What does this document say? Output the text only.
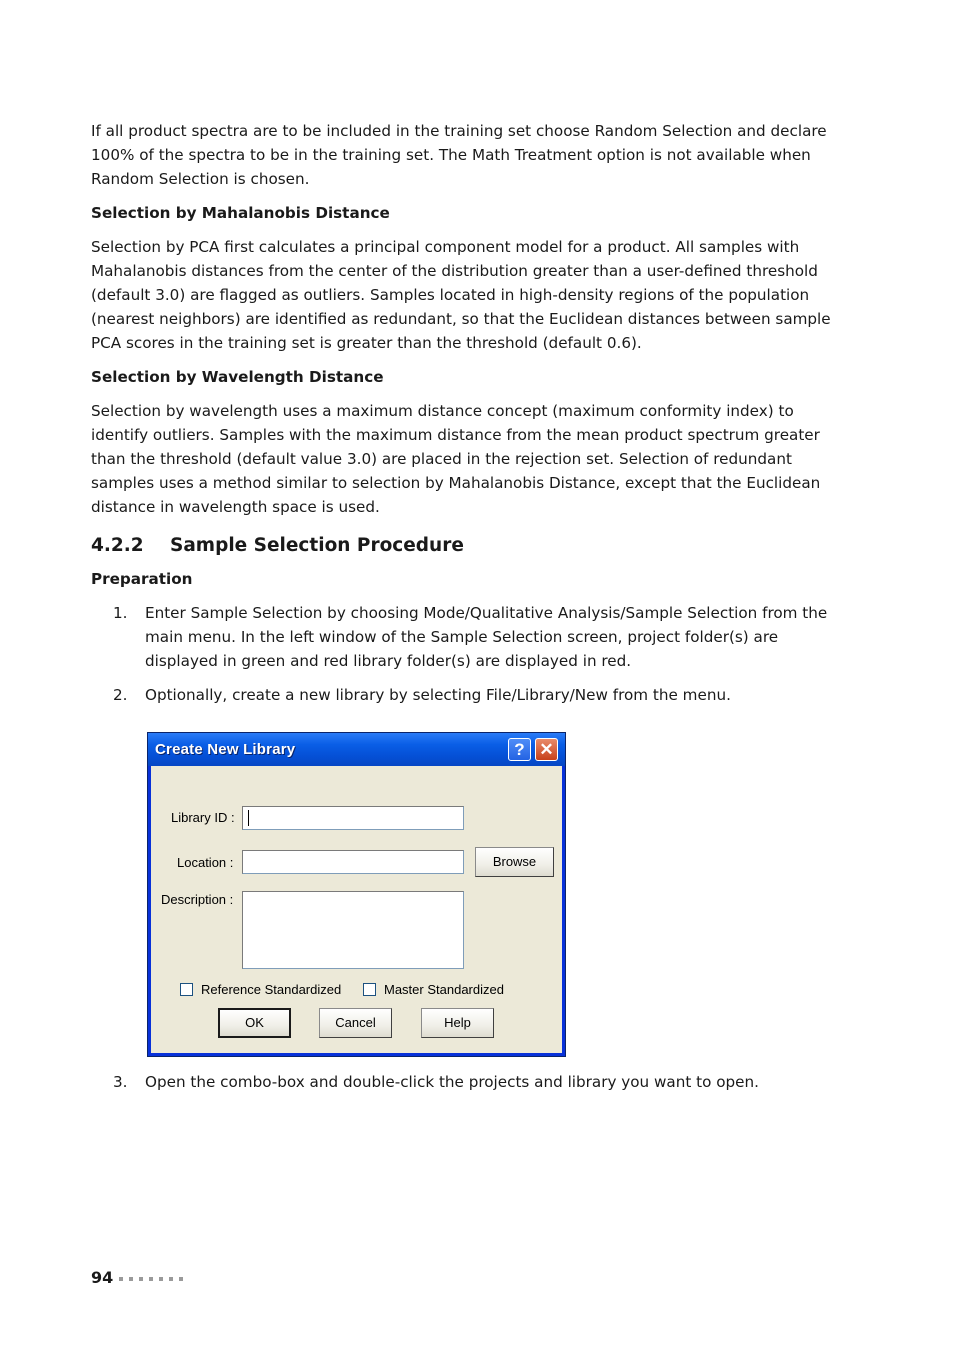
If all product spectra are to be included in the training set choose Random Selection and declare 100% of the spectra to be in the training set. The Math Treatment option is not available when Random Selection is chosen.

Selection by Mahalanobis Distance

Selection by PCA first calculates a principal component model for a product. All samples with Mahalanobis distances from the center of the distribution greater than a user-defined threshold (default 3.0) are flagged as outliers. Samples located in high-density regions of the population (nearest neighbors) are identified as redundant, so that the Euclidean distances between sample PCA scores in the training set is greater than the threshold (default 0.6).

Selection by Wavelength Distance

Selection by wavelength uses a maximum distance concept (maximum conformity index) to identify outliers. Samples with the maximum distance from the mean product spectrum greater than the threshold (default value 3.0) are placed in the rejection set. Selection of redundant samples uses a method similar to selection by Mahalanobis Distance, except that the Euclidean distance in wavelength space is used.

4.2.2 Sample Selection Procedure
Preparation
1. Enter Sample Selection by choosing Mode/Qualitative Analysis/Sample Selection from the main menu. In the left window of the Sample Selection screen, project folder(s) are displayed in green and red library folder(s) are displayed in red.
2. Optionally, create a new library by selecting File/Library/New from the menu.
Create New Library	? ✕
Library ID :
Location :	Browse
Description :
Reference Standardized	Master Standardized
OK	Cancel	Help
3. Open the combo-box and double-click the projects and library you want to open.
94
